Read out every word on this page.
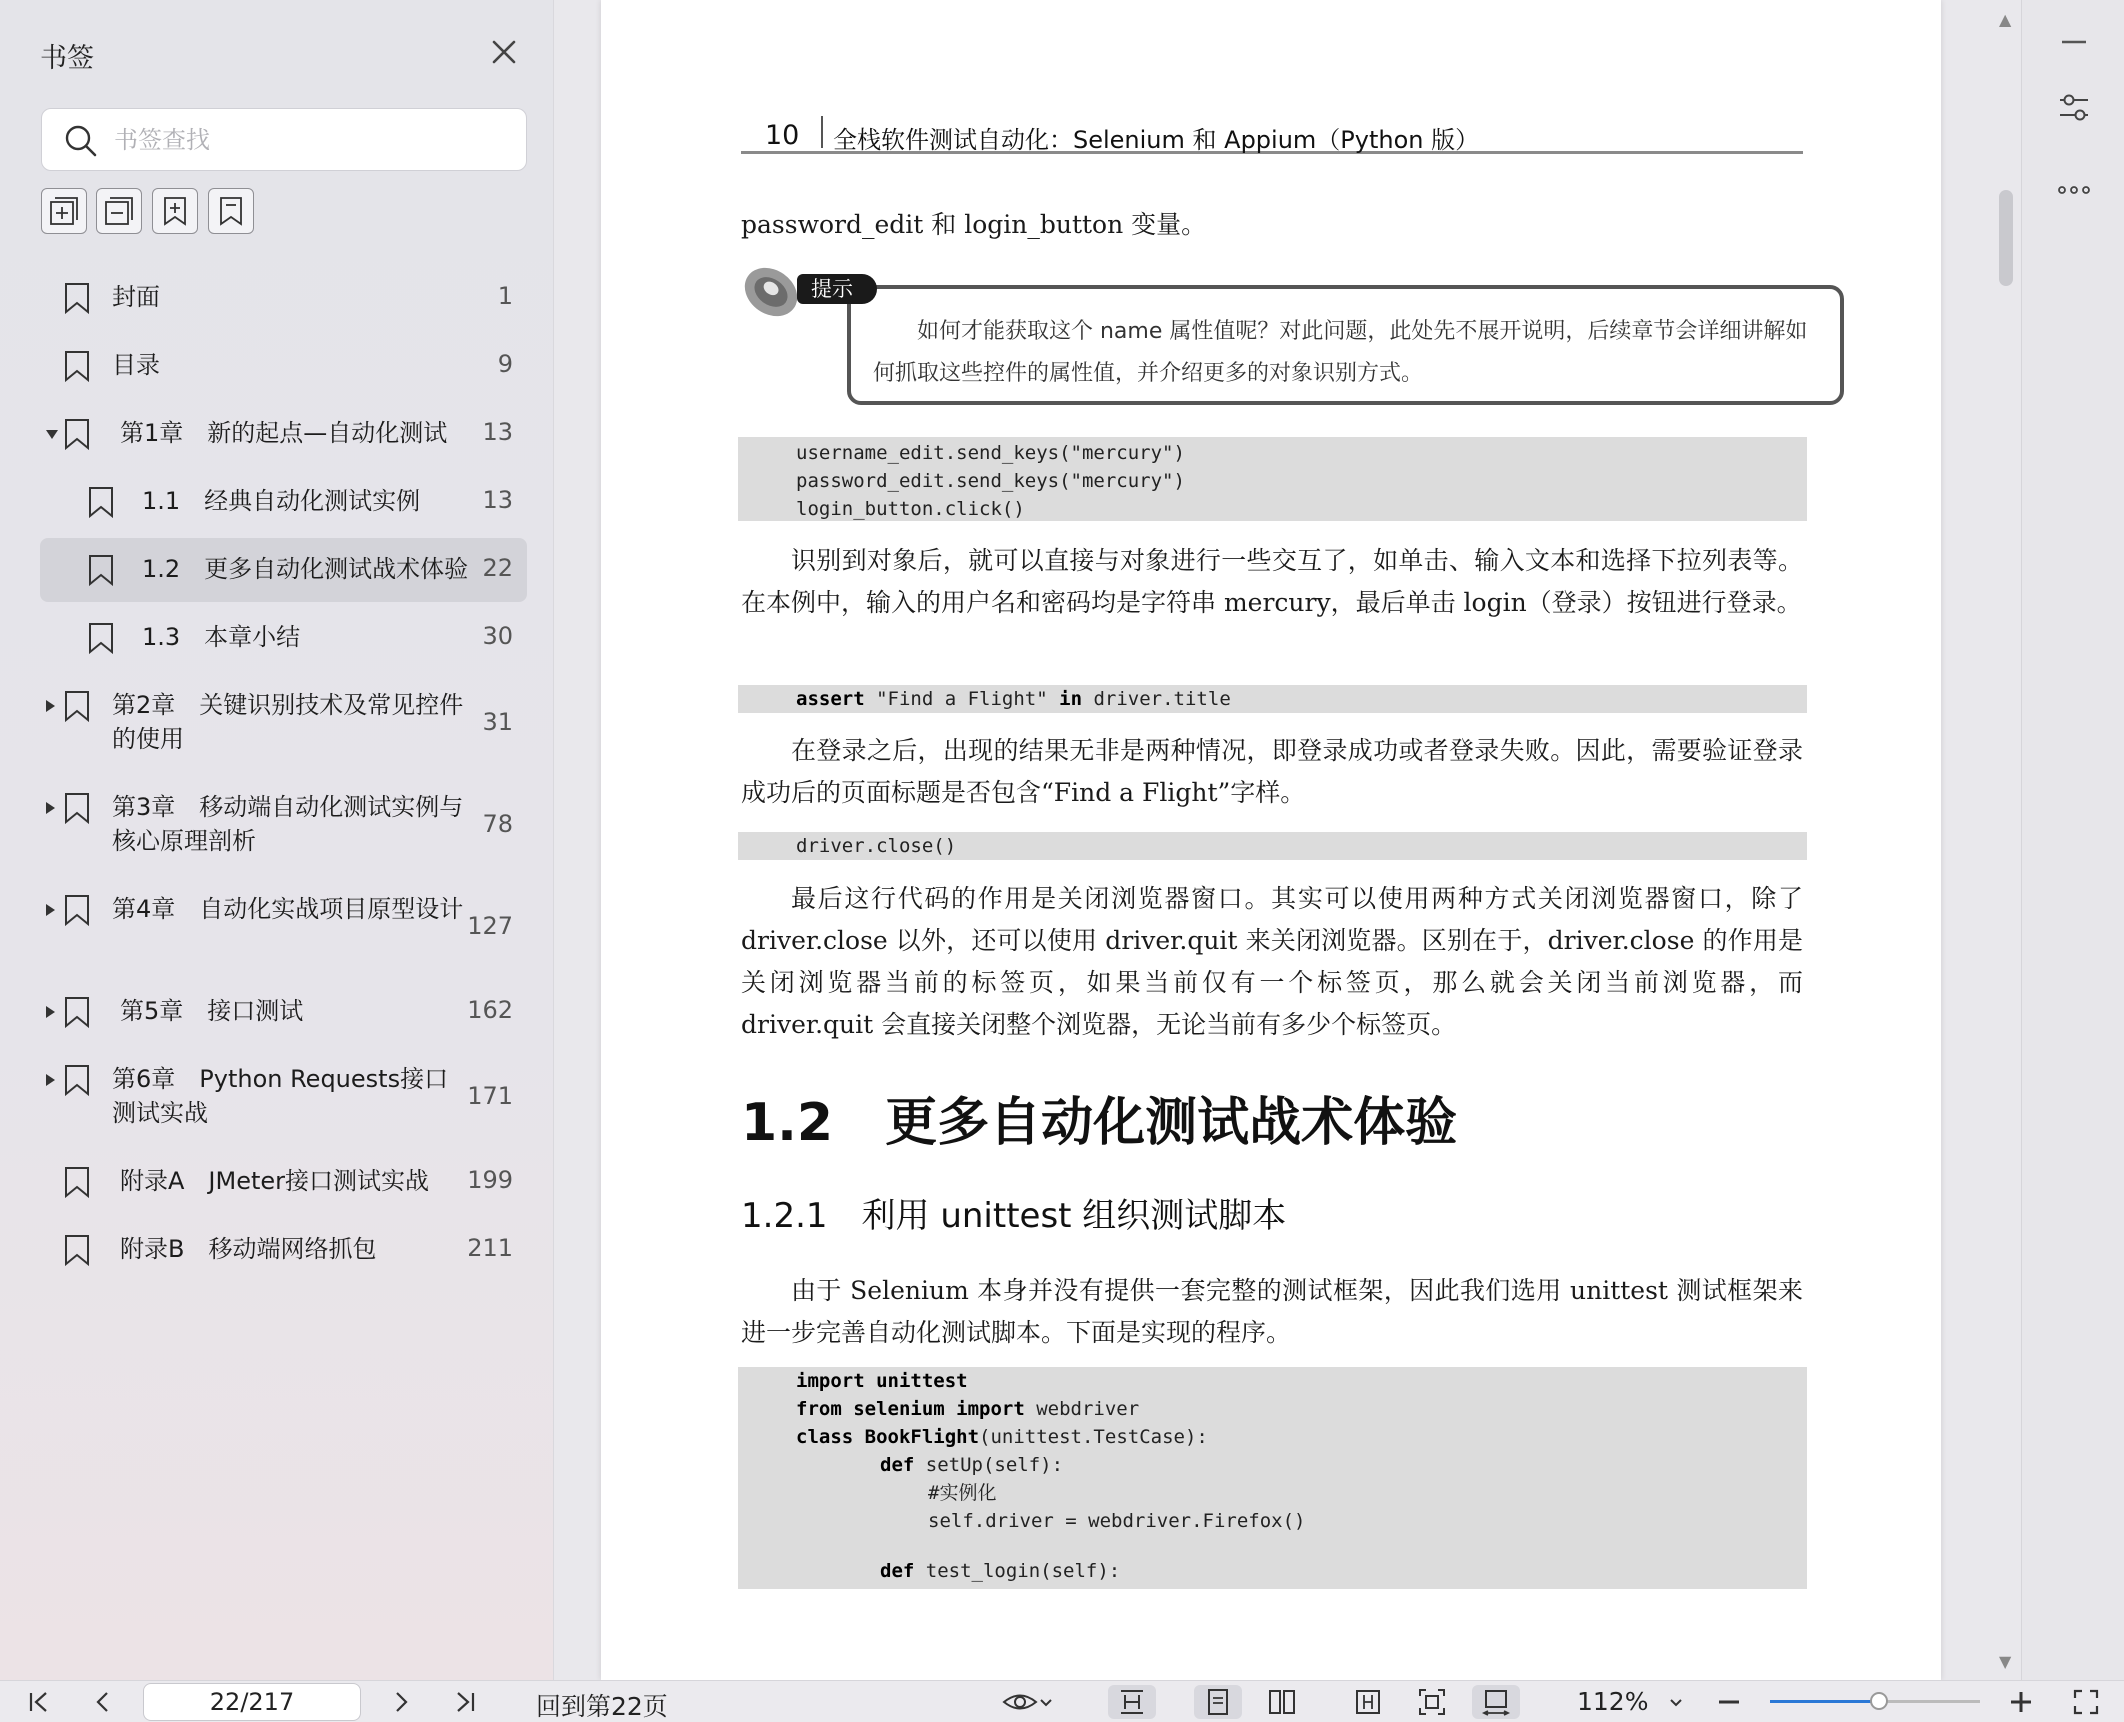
书签
书签查找
封面	1
目录	9
第1章　新的起点—自动化测试 13
1.1　经典自动化测试实例	13
1.2　更多自动化测试战术体验 22
1.3　本章小结	30
第2章　关键识别技术及常见控件的使用
31
第3章　移动端自动化测试实例与核心原理剖析
78
第4章　自动化实战项目原型设计
127
第5章　接口测试	162
第6章　Python Requests接口测试实战
171
附录A　JMeter接口测试实战 199
附录B　移动端网络抓包	211
10 全栈软件测试自动化：Selenium 和 Appium（Python 版）
password_edit 和 login_button 变量。
如何才能获取这个 name 属性值呢？对此问题，此处先不展开说明，后续章节会详细讲解如何抓取这些控件的属性值，并介绍更多的对象识别方式。
提示
username_edit.send_keys("mercury")
password_edit.send_keys("mercury")
login_button.click()
识别到对象后，就可以直接与对象进行一些交互了，如单击、输入文本和选择下拉列表等。在本例中，输入的用户名和密码均是字符串 mercury，最后单击 login（登录）按钮进行登录。
assert "Find a Flight" in driver.title
在登录之后，出现的结果无非是两种情况，即登录成功或者登录失败。因此，需要验证登录成功后的页面标题是否包含“Find a Flight”字样。
driver.close()
最后这行代码的作用是关闭浏览器窗口。其实可以使用两种方式关闭浏览器窗口，除了 driver.close 以外，还可以使用 driver.quit 来关闭浏览器。区别在于，driver.close 的作用是关闭浏览器当前的标签页，如果当前仅有一个标签页，那么就会关闭当前浏览器，而 driver.quit 会直接关闭整个浏览器，无论当前有多少个标签页。
1.2　更多自动化测试战术体验
1.2.1　利用 unittest 组织测试脚本
由于 Selenium 本身并没有提供一套完整的测试框架，因此我们选用 unittest 测试框架来进一步完善自动化测试脚本。下面是实现的程序。
import unittest
from selenium import webdriver
class BookFlight(unittest.TestCase):
def setUp(self):
#实例化
self.driver = webdriver.Firefox()
def test_login(self):
▲
▼
22/217
回到第22页	112%
